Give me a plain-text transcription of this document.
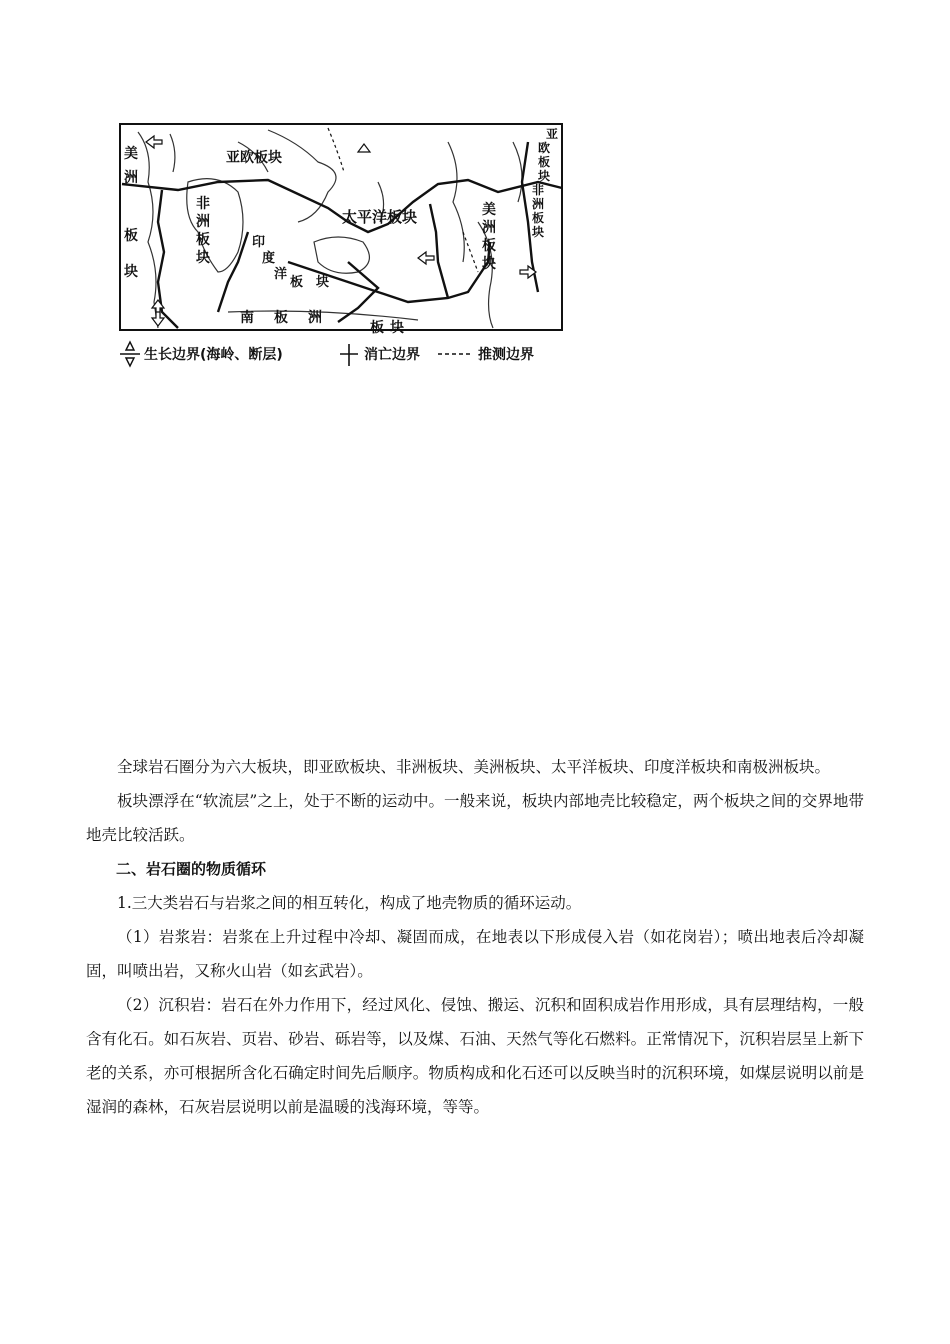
美
洲
板
块
亚欧板块
非
洲
板
块
印
度
洋
板 块
太平洋板块	美
洲
板
块
亚
欧
板
块
非
洲
板
块
南 板 洲
板 块
生长边界(海岭、断层)	消亡边界	推测边界

全球岩石圈分为六大板块，即亚欧板块、非洲板块、美洲板块、太平洋板块、印度洋板块和南极洲板块。

板块漂浮在“软流层”之上，处于不断的运动中。一般来说，板块内部地壳比较稳定，两个板块之间的交界地带地壳比较活跃。

二、岩石圈的物质循环

1.三大类岩石与岩浆之间的相互转化，构成了地壳物质的循环运动。

（1）岩浆岩：岩浆在上升过程中冷却、凝固而成，在地表以下形成侵入岩（如花岗岩）；喷出地表后冷却凝固，叫喷出岩，又称火山岩（如玄武岩）。

（2）沉积岩：岩石在外力作用下，经过风化、侵蚀、搬运、沉积和固积成岩作用形成，具有层理结构，一般含有化石。如石灰岩、页岩、砂岩、砾岩等，以及煤、石油、天然气等化石燃料。正常情况下，沉积岩层呈上新下老的关系，亦可根据所含化石确定时间先后顺序。物质构成和化石还可以反映当时的沉积环境，如煤层说明以前是湿润的森林，石灰岩层说明以前是温暖的浅海环境，等等。
